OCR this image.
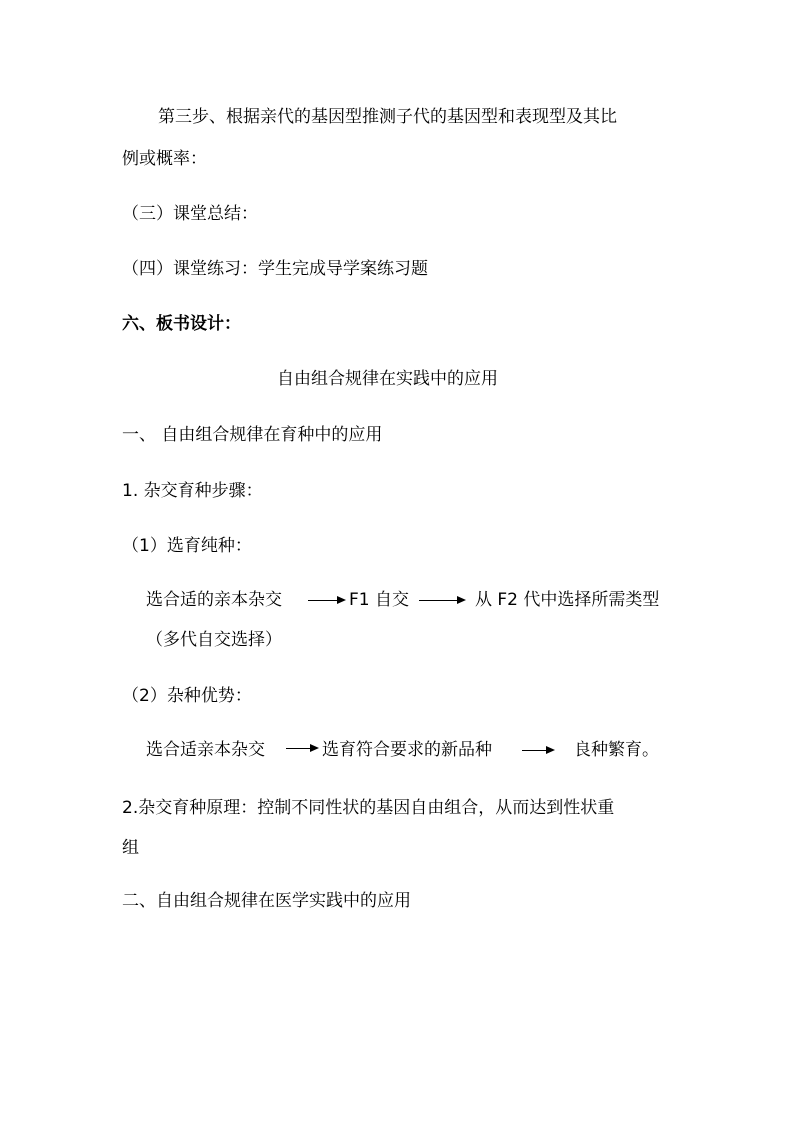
第三步、根据亲代的基因型推测子代的基因型和表现型及其比
例或概率：
（三）课堂总结：
（四）课堂练习：学生完成导学案练习题
六、板书设计：
自由组合规律在实践中的应用
一、 自由组合规律在育种中的应用
1. 杂交育种步骤：
（1）选育纯种：
选合适的亲本杂交	F1 自交	从 F2 代中选择所需类型
（多代自交选择）
（2）杂种优势：
选合适亲本杂交	选育符合要求的新品种	良种繁育。
2.杂交育种原理：控制不同性状的基因自由组合，从而达到性状重
组
二、自由组合规律在医学实践中的应用
